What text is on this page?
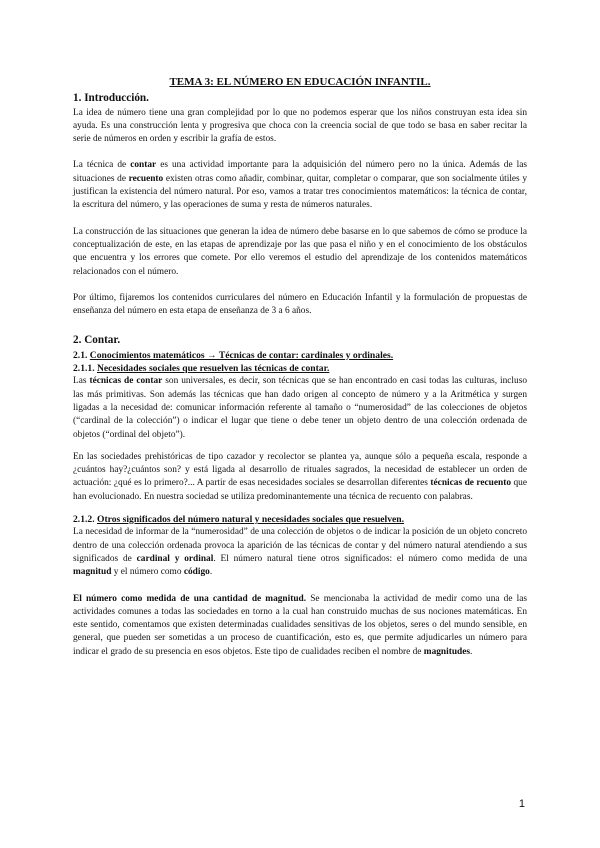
TEMA 3: EL NÚMERO EN EDUCACIÓN INFANTIL.
1. Introducción.

La idea de número tiene una gran complejidad por lo que no podemos esperar que los niños construyan esta idea sin ayuda. Es una construcción lenta y progresiva que choca con la creencia social de que todo se basa en saber recitar la serie de números en orden y escribir la grafía de estos.

La técnica de contar es una actividad importante para la adquisición del número pero no la única. Además de las situaciones de recuento existen otras como añadir, combinar, quitar, completar o comparar, que son socialmente útiles y justifican la existencia del número natural. Por eso, vamos a tratar tres conocimientos matemáticos: la técnica de contar, la escritura del número, y las operaciones de suma y resta de números naturales.

La construcción de las situaciones que generan la idea de número debe basarse en lo que sabemos de cómo se produce la conceptualización de este, en las etapas de aprendizaje por las que pasa el niño y en el conocimiento de los obstáculos que encuentra y los errores que comete. Por ello veremos el estudio del aprendizaje de los contenidos matemáticos relacionados con el número.

Por último, fijaremos los contenidos curriculares del número en Educación Infantil y la formulación de propuestas de enseñanza del número en esta etapa de enseñanza de 3 a 6 años.

2. Contar.
2.1. Conocimientos matemáticos → Técnicas de contar: cardinales y ordinales.
2.1.1. Necesidades sociales que resuelven las técnicas de contar.

Las técnicas de contar son universales, es decir, son técnicas que se han encontrado en casi todas las culturas, incluso las más primitivas. Son además las técnicas que han dado origen al concepto de número y a la Aritmética y surgen ligadas a la necesidad de: comunicar información referente al tamaño o “numerosidad” de las colecciones de objetos (“cardinal de la colección”) o indicar el lugar que tiene o debe tener un objeto dentro de una colección ordenada de objetos (“ordinal del objeto”).

En las sociedades prehistóricas de tipo cazador y recolector se plantea ya, aunque sólo a pequeña escala, responde a ¿cuántos hay?¿cuántos son? y está ligada al desarrollo de rituales sagrados, la necesidad de establecer un orden de actuación: ¿qué es lo primero?... A partir de esas necesidades sociales se desarrollan diferentes técnicas de recuento que han evolucionado. En nuestra sociedad se utiliza predominantemente una técnica de recuento con palabras.

2.1.2. Otros significados del número natural y necesidades sociales que resuelven.

La necesidad de informar de la “numerosidad” de una colección de objetos o de indicar la posición de un objeto concreto dentro de una colección ordenada provoca la aparición de las técnicas de contar y del número natural atendiendo a sus significados de cardinal y ordinal. El número natural tiene otros significados: el número como medida de una magnitud y el número como código.

El número como medida de una cantidad de magnitud. Se mencionaba la actividad de medir como una de las actividades comunes a todas las sociedades en torno a la cual han construido muchas de sus nociones matemáticas. En este sentido, comentamos que existen determinadas cualidades sensitivas de los objetos, seres o del mundo sensible, en general, que pueden ser sometidas a un proceso de cuantificación, esto es, que permite adjudicarles un número para indicar el grado de su presencia en esos objetos. Este tipo de cualidades reciben el nombre de magnitudes.

1
